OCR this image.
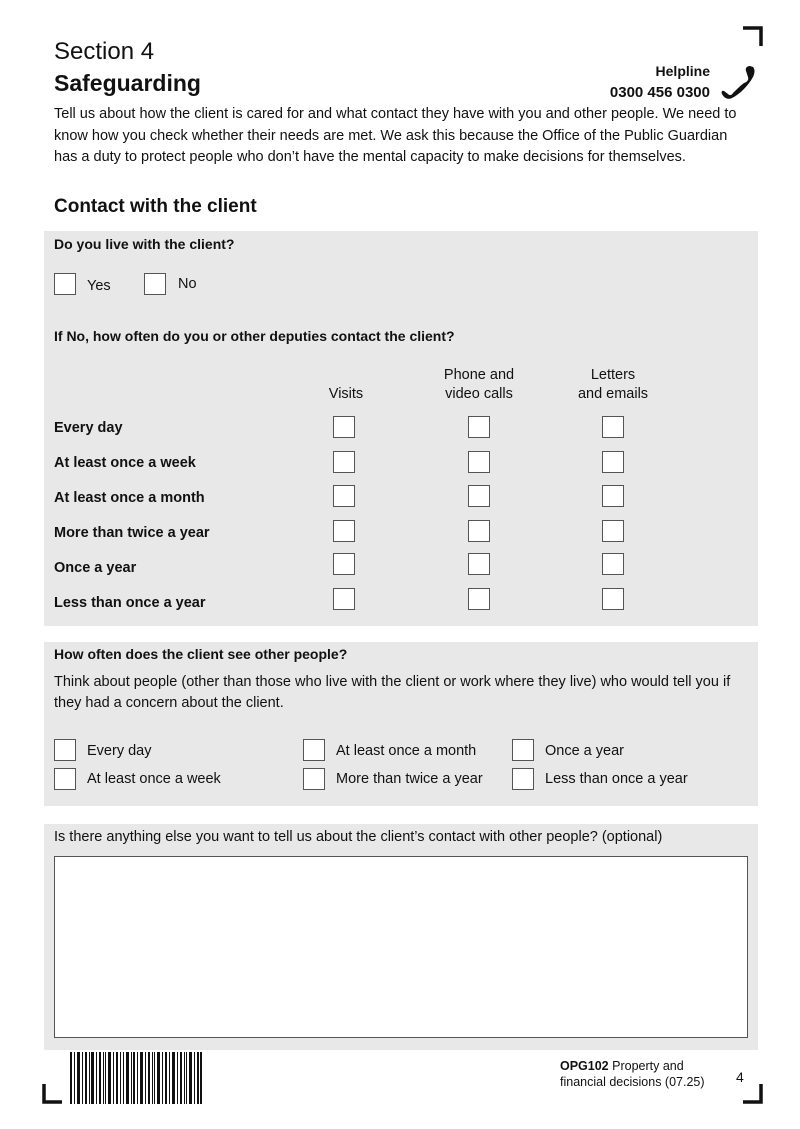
Section 4
Safeguarding	Helpline
0300 456 0300
Tell us about how the client is cared for and what contact they have with you and other people. We need to know how you check whether their needs are met. We ask this because the Office of the Public Guardian has a duty to protect people who don’t have the mental capacity to make decisions for themselves.
Contact with the client
Do you live with the client?
Yes	No
If No, how often do you or other deputies contact the client?

Visits
Phone and
video calls
Letters
and emails
Every day
At least once a week
At least once a month
More than twice a year
Once a year
Less than once a year
How often does the client see other people?
Think about people (other than those who live with the client or work where they live) who would tell you if they had a concern about the client.
Every day
At least once a week
At least once a month
More than twice a year
Once a year
Less than once a year
Is there anything else you want to tell us about the client’s contact with other people? (optional)
OPG102 Property and
financial decisions (07.25) 4
